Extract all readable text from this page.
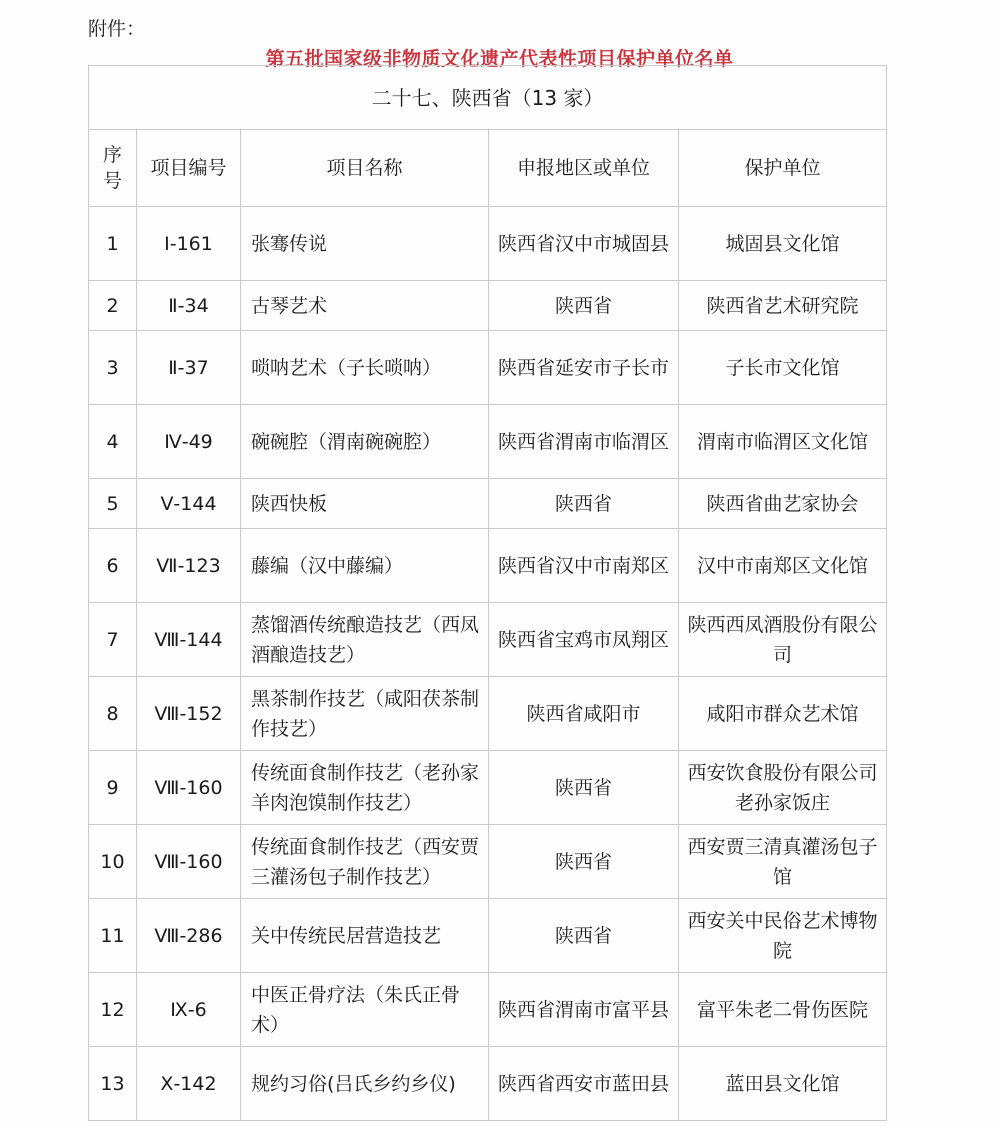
附件：
第五批国家级非物质文化遗产代表性项目保护单位名单
二十七、陕西省（13 家）				
序号	项目编号	项目名称	申报地区或单位	保护单位
1	Ⅰ-161	张骞传说	陕西省汉中市城固县	城固县文化馆
2	Ⅱ-34	古琴艺术	陕西省	陕西省艺术研究院
3	Ⅱ-37	唢呐艺术（子长唢呐）	陕西省延安市子长市	子长市文化馆
4	Ⅳ-49	碗碗腔（渭南碗碗腔）	陕西省渭南市临渭区	渭南市临渭区文化馆
5	Ⅴ-144	陕西快板	陕西省	陕西省曲艺家协会
6	Ⅶ-123	藤编（汉中藤编）	陕西省汉中市南郑区	汉中市南郑区文化馆
7	Ⅷ-144	蒸馏酒传统酿造技艺（西凤酒酿造技艺）	陕西省宝鸡市凤翔区	陕西西凤酒股份有限公司
8	Ⅷ-152	黑茶制作技艺（咸阳茯茶制作技艺）	陕西省咸阳市	咸阳市群众艺术馆
9	Ⅷ-160	传统面食制作技艺（老孙家羊肉泡馍制作技艺）	陕西省	西安饮食股份有限公司老孙家饭庄
10	Ⅷ-160	传统面食制作技艺（西安贾三灌汤包子制作技艺）	陕西省	西安贾三清真灌汤包子馆
11	Ⅷ-286	关中传统民居营造技艺	陕西省	西安关中民俗艺术博物院
12	Ⅸ-6	中医正骨疗法（朱氏正骨术）	陕西省渭南市富平县	富平朱老二骨伤医院
13	Ⅹ-142	规约习俗(吕氏乡约乡仪)	陕西省西安市蓝田县	蓝田县文化馆
